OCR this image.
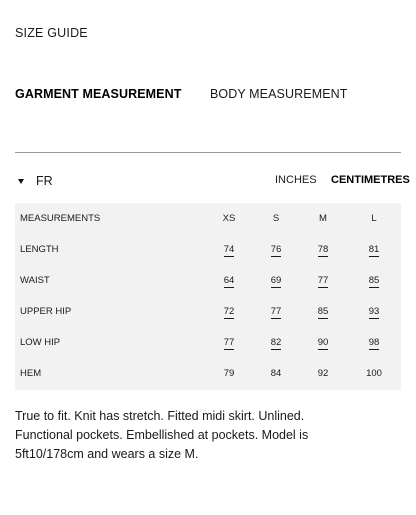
SIZE GUIDE
GARMENT MEASUREMENT BODY MEASUREMENT
FR	INCHES CENTIMETRES
MEASUREMENTS	XS	S	M	L
LENGTH	74	76	78	81
WAIST	64	69	77	85
UPPER HIP	72	77	85	93
LOW HIP	77	82	90	98
HEM	79	84	92	100
True to fit. Knit has stretch. Fitted midi skirt. Unlined.
Functional pockets. Embellished at pockets. Model is
5ft10/178cm and wears a size M.
